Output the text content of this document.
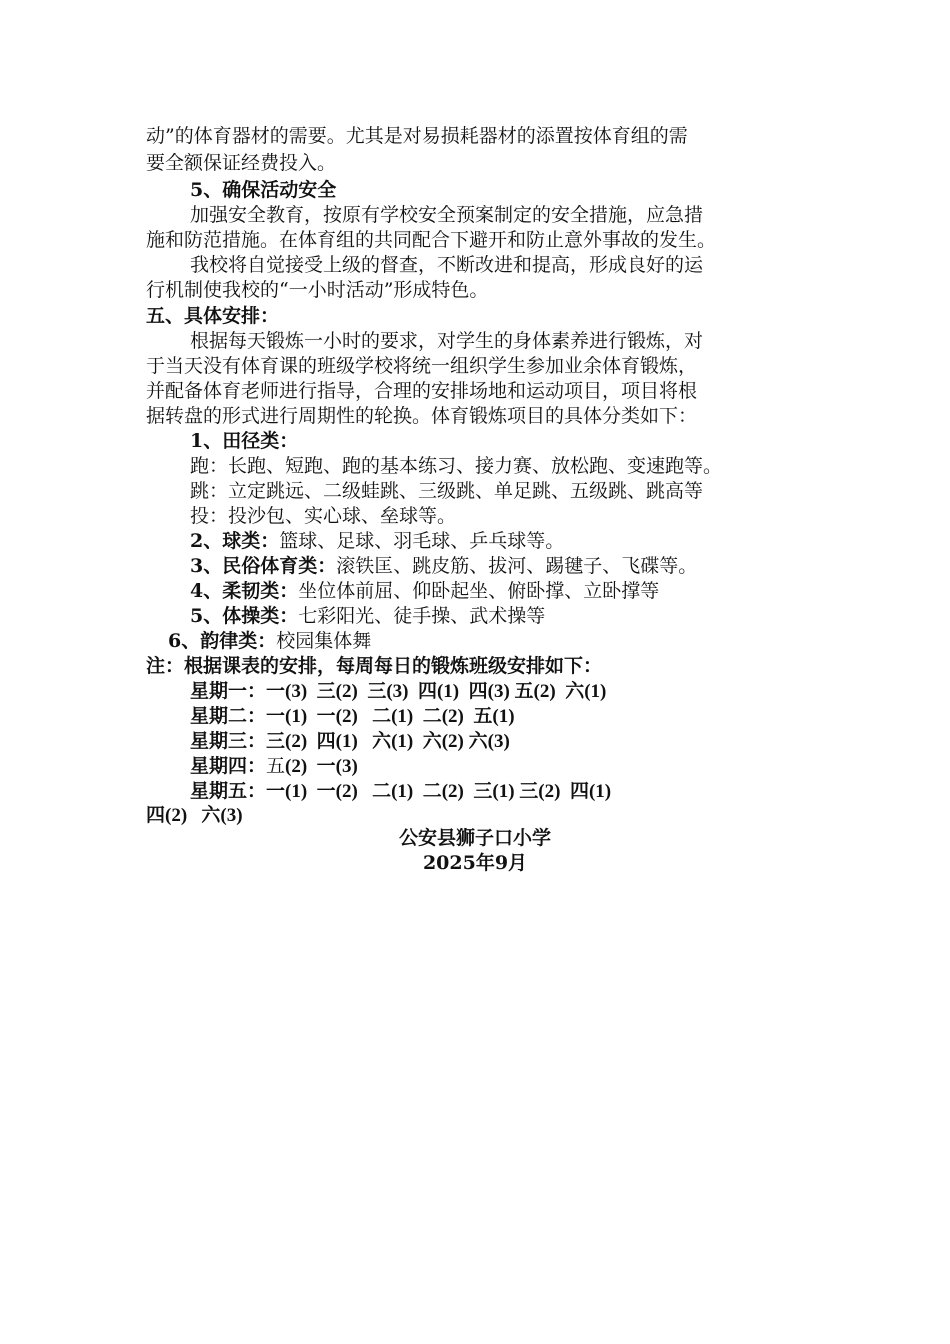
动”的体育器材的需要。尤其是对易损耗器材的添置按体育组的需
要全额保证经费投入。
5、确保活动安全
加强安全教育，按原有学校安全预案制定的安全措施，应急措
施和防范措施。在体育组的共同配合下避开和防止意外事故的发生。
我校将自觉接受上级的督查，不断改进和提高，形成良好的运
行机制使我校的“一小时活动”形成特色。
五、具体安排：
根据每天锻炼一小时的要求，对学生的身体素养进行锻炼，对
于当天没有体育课的班级学校将统一组织学生参加业余体育锻炼，
并配备体育老师进行指导，合理的安排场地和运动项目，项目将根
据转盘的形式进行周期性的轮换。体育锻炼项目的具体分类如下：
1、田径类：
跑：长跑、短跑、跑的基本练习、接力赛、放松跑、变速跑等。
跳：立定跳远、二级蛙跳、三级跳、单足跳、五级跳、跳高等
投：投沙包、实心球、垒球等。
2、球类：篮球、足球、羽毛球、乒乓球等。
3、民俗体育类：滚铁匡、跳皮筋、拔河、踢毽子、飞碟等。
4、柔韧类：坐位体前屈、仰卧起坐、俯卧撑、立卧撑等
5、体操类：七彩阳光、徒手操、武术操等
6、韵律类：校园集体舞
注：根据课表的安排，每周每日的锻炼班级安排如下：
星期一：一(3)  三(2)  三(3)  四(1)  四(3) 五(2)  六(1)
星期二：一(1)  一(2)   二(1)  二(2)  五(1)
星期三：三(2)  四(1)   六(1)  六(2) 六(3)
星期四：五(2)  一(3)
星期五：一(1)  一(2)   二(1)  二(2)  三(1) 三(2)  四(1)
四(2)   六(3)
公安县狮子口小学
2025年9月
